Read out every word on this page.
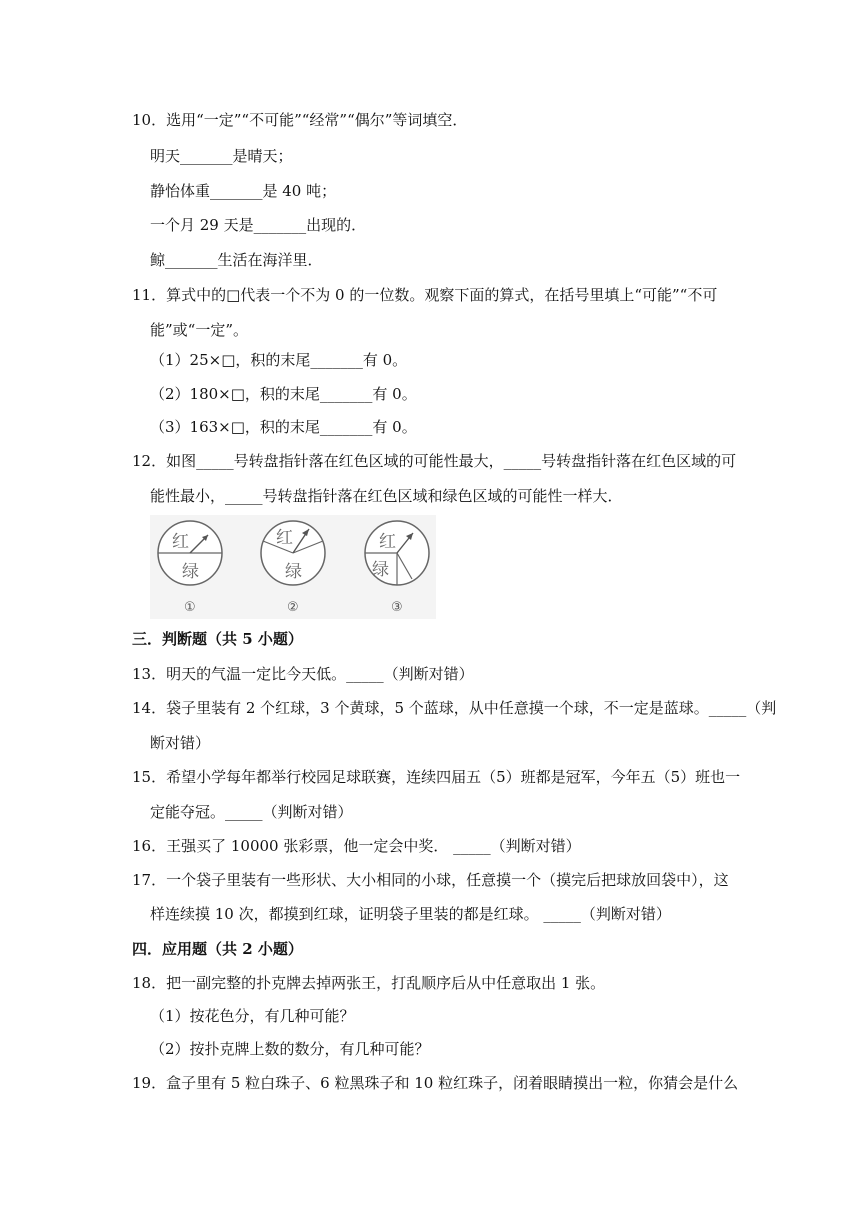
10．选用“一定”“不可能”“经常”“偶尔”等词填空．
明天_______是晴天；
静怡体重_______是 40 吨；
一个月 29 天是_______出现的．
鲸_______生活在海洋里．
11．算式中的□代表一个不为 0 的一位数。观察下面的算式，在括号里填上“可能”“不可
能”或“一定”。
（1）25×□，积的末尾_______有 0。
（2）180×□，积的末尾_______有 0。
（3）163×□，积的末尾_______有 0。
12．如图_____号转盘指针落在红色区域的可能性最大，_____号转盘指针落在红色区域的可
能性最小，_____号转盘指针落在红色区域和绿色区域的可能性一样大．
红
绿
①
红
绿
②
红
绿
③
三．判断题（共 5 小题）
13．明天的气温一定比今天低。_____（判断对错）
14．袋子里装有 2 个红球，3 个黄球，5 个蓝球，从中任意摸一个球，不一定是蓝球。_____（判
断对错）
15．希望小学每年都举行校园足球联赛，连续四届五（5）班都是冠军，今年五（5）班也一
定能夺冠。_____（判断对错）
16．王强买了 10000 张彩票，他一定会中奖． _____（判断对错）
17．一个袋子里装有一些形状、大小相同的小球，任意摸一个（摸完后把球放回袋中），这
样连续摸 10 次，都摸到红球，证明袋子里装的都是红球。 _____（判断对错）
四．应用题（共 2 小题）
18．把一副完整的扑克牌去掉两张王，打乱顺序后从中任意取出 1 张。
（1）按花色分，有几种可能？
（2）按扑克牌上数的数分，有几种可能？
19．盒子里有 5 粒白珠子、6 粒黑珠子和 10 粒红珠子，闭着眼睛摸出一粒，你猜会是什么
